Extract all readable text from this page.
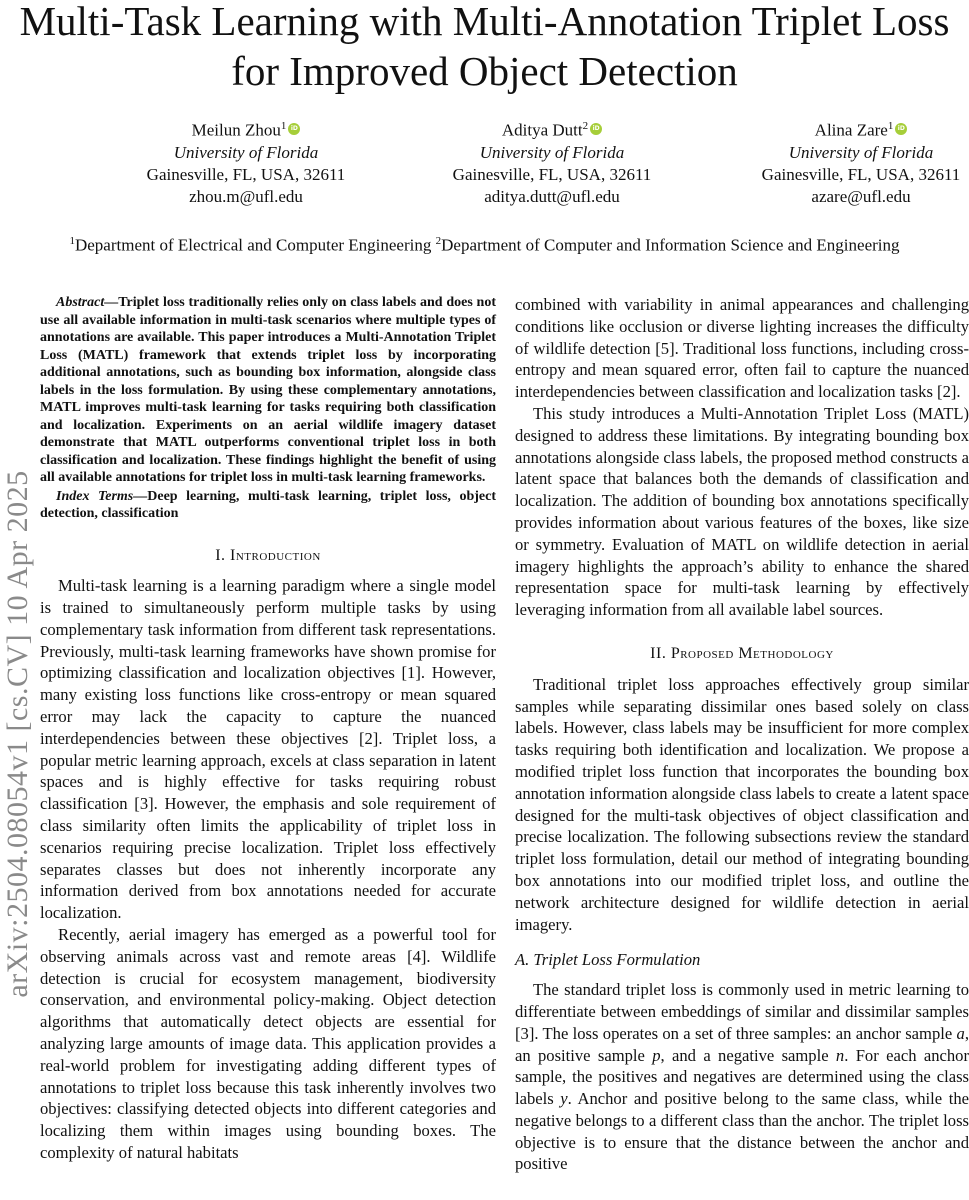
Multi-Task Learning with Multi-Annotation Triplet Loss for Improved Object Detection
Meilun Zhou$^1$iD
University of Florida
Gainesville, FL, USA, 32611
zhou.m@ufl.edu
Aditya Dutt$^2$iD
University of Florida
Gainesville, FL, USA, 32611
aditya.dutt@ufl.edu
Alina Zare$^1$iD
University of Florida
Gainesville, FL, USA, 32611
azare@ufl.edu
$^1$Department of Electrical and Computer Engineering $^2$Department of Computer and Information Science and Engineering
arXiv:2504.08054v1 [cs.CV] 10 Apr 2025

Abstract—Triplet loss traditionally relies only on class labels and does not use all available information in multi-task scenarios where multiple types of annotations are available. This paper introduces a Multi-Annotation Triplet Loss (MATL) framework that extends triplet loss by incorporating additional annotations, such as bounding box information, alongside class labels in the loss formulation. By using these complementary annotations, MATL improves multi-task learning for tasks requiring both classification and localization. Experiments on an aerial wildlife imagery dataset demonstrate that MATL outperforms conventional triplet loss in both classification and localization. These findings highlight the benefit of using all available annotations for triplet loss in multi-task learning frameworks.

Index Terms—Deep learning, multi-task learning, triplet loss, object detection, classification

I. Introduction

Multi-task learning is a learning paradigm where a single model is trained to simultaneously perform multiple tasks by using complementary task information from different task representations. Previously, multi-task learning frameworks have shown promise for optimizing classification and localization objectives [1]. However, many existing loss functions like cross-entropy or mean squared error may lack the capacity to capture the nuanced interdependencies between these objectives [2]. Triplet loss, a popular metric learning approach, excels at class separation in latent spaces and is highly effective for tasks requiring robust classification [3]. However, the emphasis and sole requirement of class similarity often limits the applicability of triplet loss in scenarios requiring precise localization. Triplet loss effectively separates classes but does not inherently incorporate any information derived from box annotations needed for accurate localization.

Recently, aerial imagery has emerged as a powerful tool for observing animals across vast and remote areas [4]. Wildlife detection is crucial for ecosystem management, biodiversity conservation, and environmental policy-making. Object detection algorithms that automatically detect objects are essential for analyzing large amounts of image data. This application provides a real-world problem for investigating adding different types of annotations to triplet loss because this task inherently involves two objectives: classifying detected objects into different categories and localizing them within images using bounding boxes. The complexity of natural habitats

combined with variability in animal appearances and challenging conditions like occlusion or diverse lighting increases the difficulty of wildlife detection [5]. Traditional loss functions, including cross-entropy and mean squared error, often fail to capture the nuanced interdependencies between classification and localization tasks [2].

This study introduces a Multi-Annotation Triplet Loss (MATL) designed to address these limitations. By integrating bounding box annotations alongside class labels, the proposed method constructs a latent space that balances both the demands of classification and localization. The addition of bounding box annotations specifically provides information about various features of the boxes, like size or symmetry. Evaluation of MATL on wildlife detection in aerial imagery highlights the approach’s ability to enhance the shared representation space for multi-task learning by effectively leveraging information from all available label sources.

II. Proposed Methodology

Traditional triplet loss approaches effectively group similar samples while separating dissimilar ones based solely on class labels. However, class labels may be insufficient for more complex tasks requiring both identification and localization. We propose a modified triplet loss function that incorporates the bounding box annotation information alongside class labels to create a latent space designed for the multi-task objectives of object classification and precise localization. The following subsections review the standard triplet loss formulation, detail our method of integrating bounding box annotations into our modified triplet loss, and outline the network architecture designed for wildlife detection in aerial imagery.

A. Triplet Loss Formulation

The standard triplet loss is commonly used in metric learning to differentiate between embeddings of similar and dissimilar samples [3]. The loss operates on a set of three samples: an anchor sample a, an positive sample p, and a negative sample n. For each anchor sample, the positives and negatives are determined using the class labels y. Anchor and positive belong to the same class, while the negative belongs to a different class than the anchor. The triplet loss objective is to ensure that the distance between the anchor and positive
